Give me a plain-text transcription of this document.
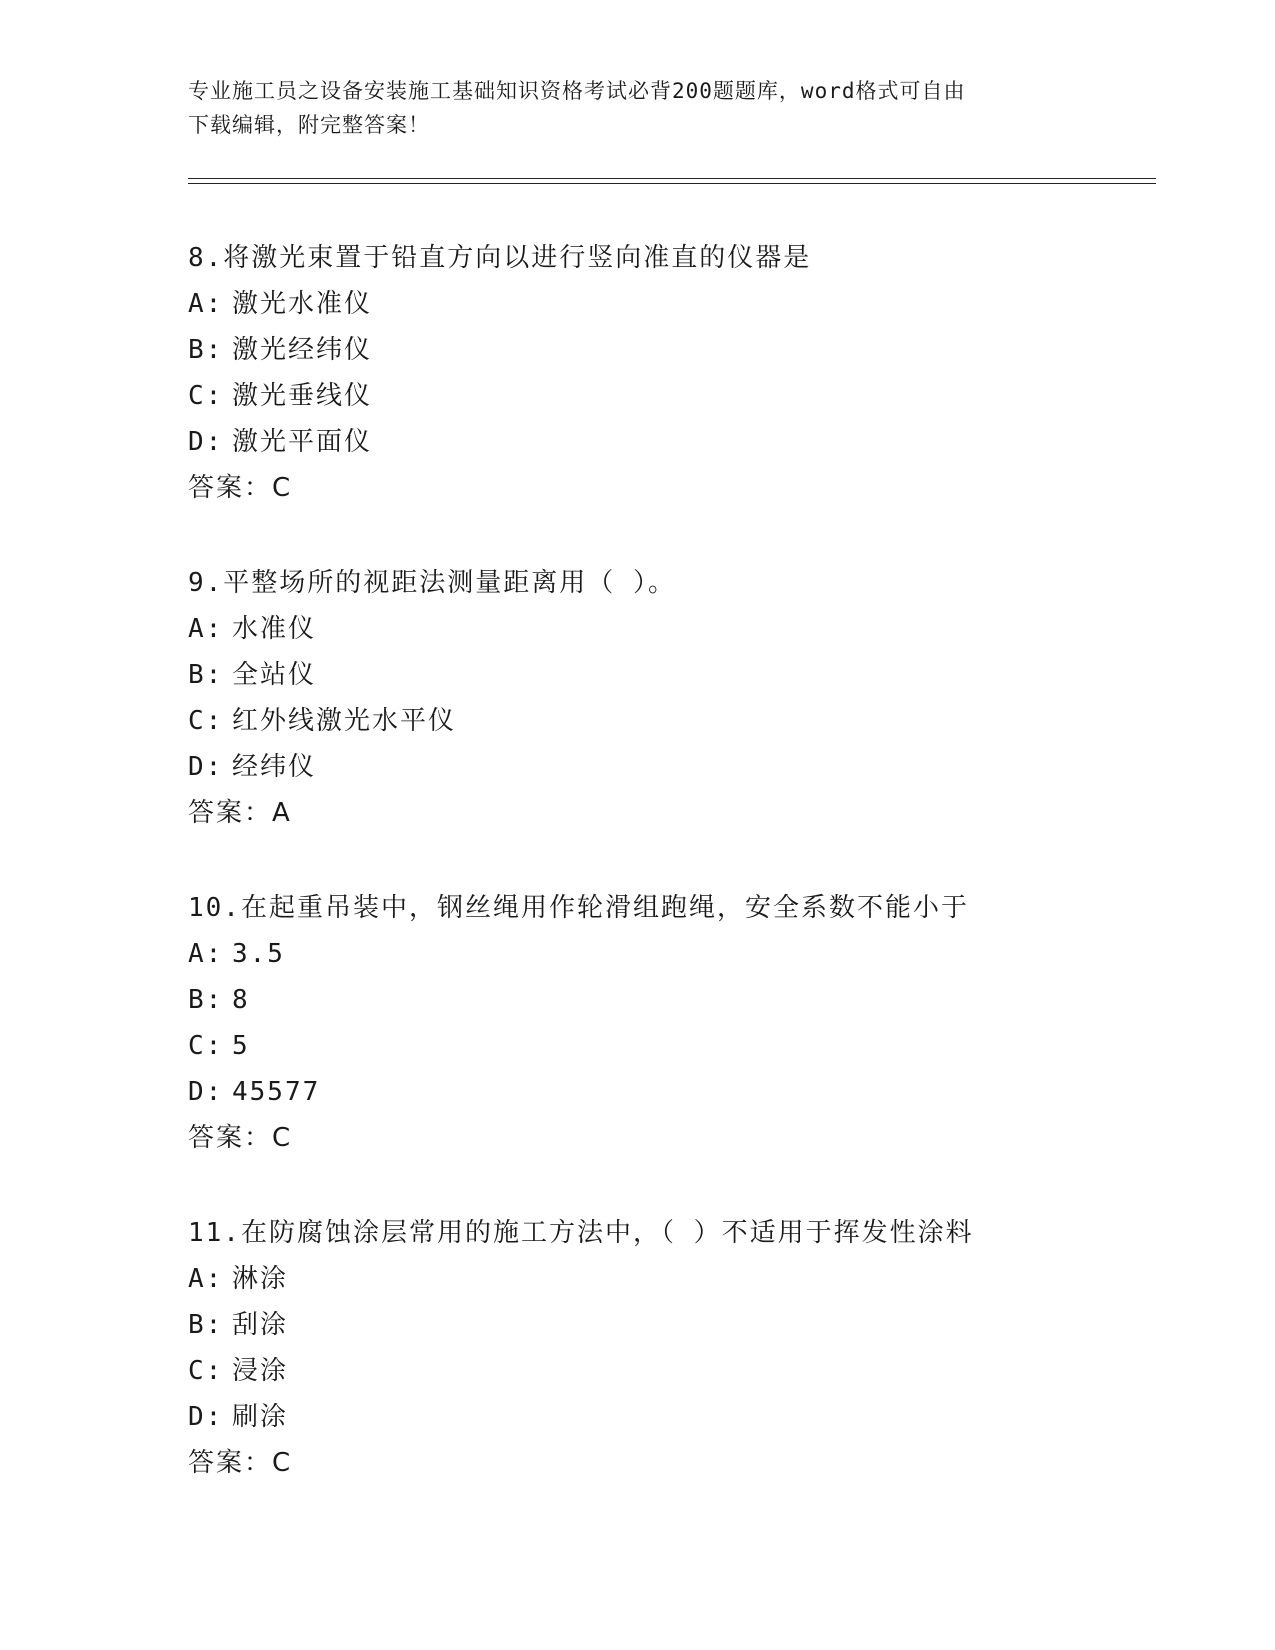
专业施工员之设备安装施工基础知识资格考试必背200题题库，word格式可自由
下载编辑，附完整答案！
8.将激光束置于铅直方向以进行竖向准直的仪器是
A: 激光水准仪
B: 激光经纬仪
C: 激光垂线仪
D: 激光平面仪
答案：C
9.平整场所的视距法测量距离用（ ）。
A: 水准仪
B: 全站仪
C: 红外线激光水平仪
D: 经纬仪
答案：A
10.在起重吊装中，钢丝绳用作轮滑组跑绳，安全系数不能小于
A: 3.5
B: 8
C: 5
D: 45577
答案：C
11.在防腐蚀涂层常用的施工方法中，（ ）不适用于挥发性涂料
A: 淋涂
B: 刮涂
C: 浸涂
D: 刷涂
答案：C
